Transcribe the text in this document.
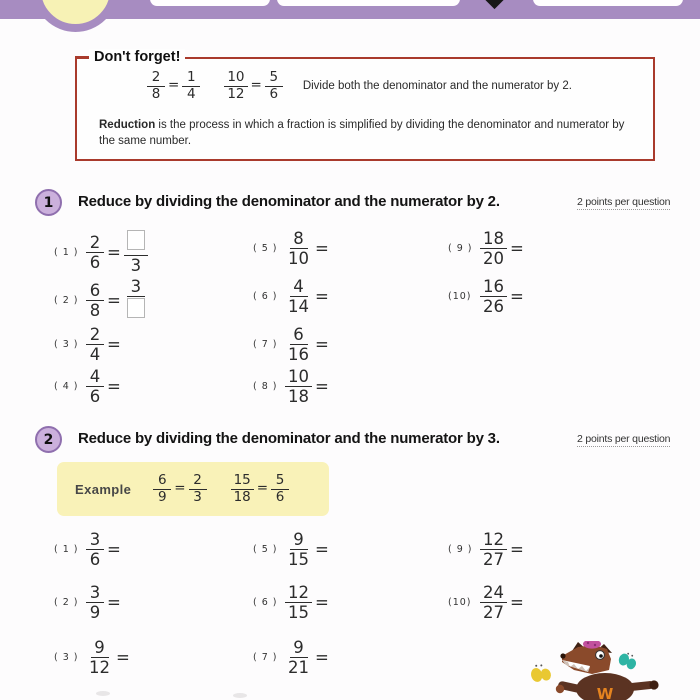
Don't forget!
$\frac{2}{8} = \frac{1}{4} \frac{10}{12} = \frac{5}{6}$ Divide both the denominator and the numerator by 2.
Reduction is the process in which a fraction is simplified by dividing the denominator and numerator by the same number.
1	Reduce by dividing the denominator and the numerator by 2.	2 points per question
( 1 ) $\frac{2}{6}$ =
3
( 2 ) $\frac{6}{8}$ =
3
( 3 ) $\frac{2}{4}$ =
( 4 ) $\frac{4}{6}$ =
( 5 ) $\frac{8}{10}$ =
( 6 ) $\frac{4}{14}$ =
( 7 ) $\frac{6}{16}$ =
( 8 ) $\frac{10}{18}$ =
( 9 ) $\frac{18}{20}$ =
$(10) \frac{16}{26}$ =
2	Reduce by dividing the denominator and the numerator by 3.	2 points per question
Example $\frac{6}{9} = \frac{2}{3} \frac{15}{18} = \frac{5}{6}$
( 1 ) $\frac{3}{6}$ =
( 2 ) $\frac{3}{9}$ =
( 3 ) $\frac{9}{12}$ =
( 5 ) $\frac{9}{15}$ =
( 6 ) $\frac{12}{15}$ =
( 7 ) $\frac{9}{21}$ =
( 9 ) $\frac{12}{27}$ =
$(10) \frac{24}{27}$ =
W
